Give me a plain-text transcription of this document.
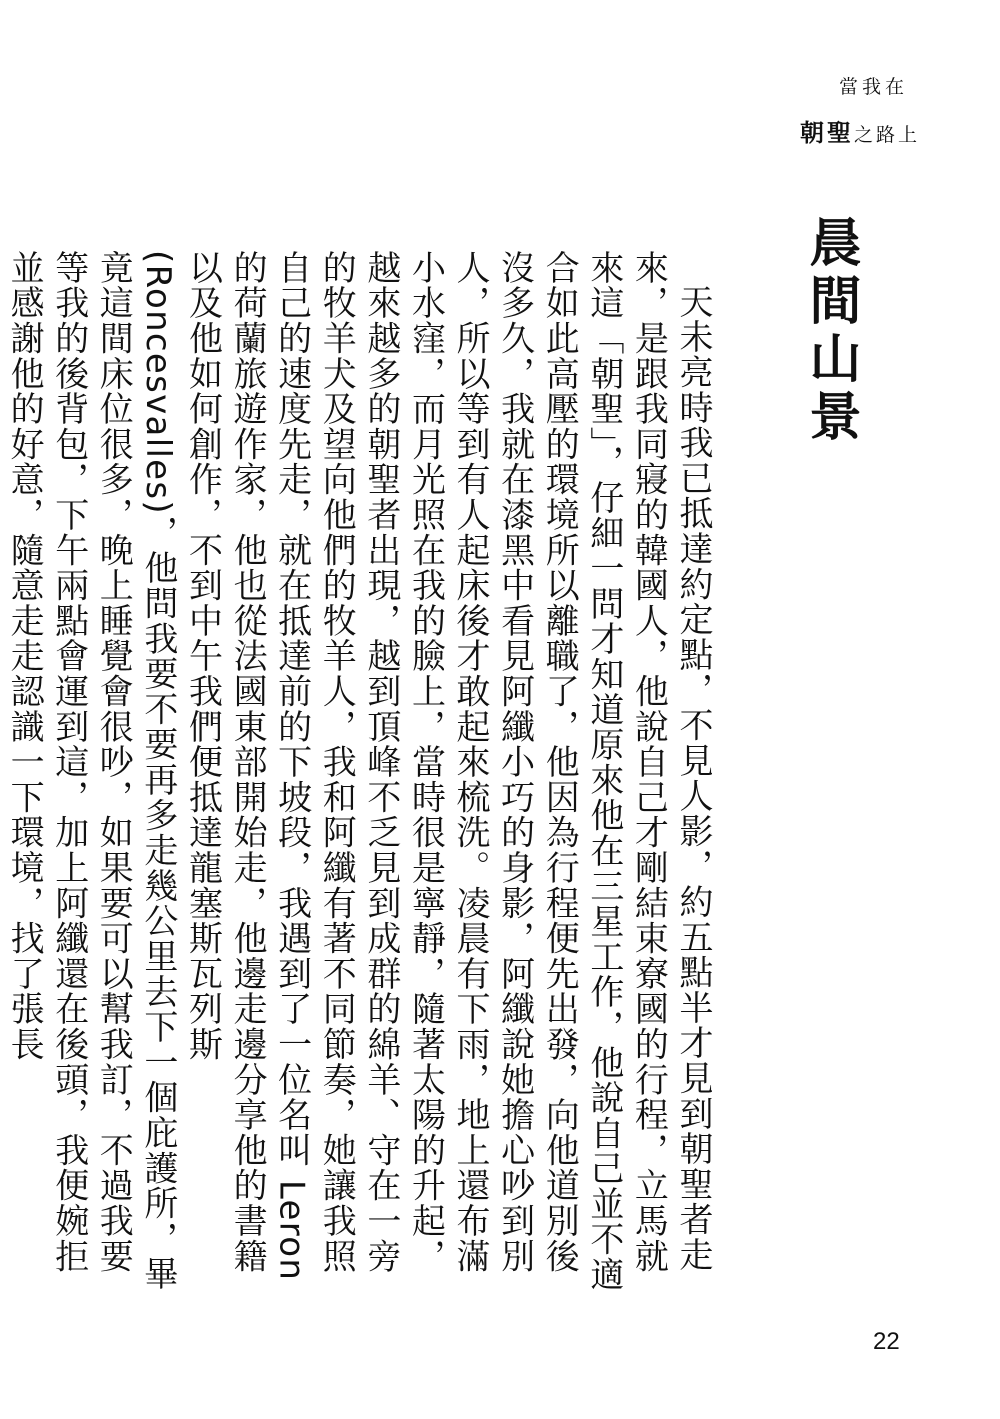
當我在
朝聖之路上
晨間山景

天未亮時我已抵達約定點，不見人影，約五點半才見到朝聖者走來，是跟我同寢的韓國人，他說自己才剛結束寮國的行程，立馬就來這「朝聖」，仔細一問才知道原來他在三星工作，他說自己並不適合如此高壓的環境所以離職了，他因為行程便先出發，向他道別後沒多久，我就在漆黑中看見阿纖小巧的身影，阿纖說她擔心吵到別人，所以等到有人起床後才敢起來梳洗。凌晨有下雨，地上還布滿小水窪，而月光照在我的臉上，當時很是寧靜，隨著太陽的升起，越來越多的朝聖者出現，越到頂峰不乏見到成群的綿羊、守在一旁的牧羊犬及望向他們的牧羊人，我和阿纖有著不同節奏，她讓我照自己的速度先走，就在抵達前的下坡段，我遇到了一位名叫 Leron 的荷蘭旅遊作家，他也從法國東部開始走，他邊走邊分享他的書籍以及他如何創作，不到中午我們便抵達龍塞斯瓦列斯 (Roncesvalles)，他問我要不要再多走幾公里去下一個庇護所，畢竟這間床位很多，晚上睡覺會很吵，如果要可以幫我訂，不過我要等我的後背包，下午兩點會運到這，加上阿纖還在後頭，我便婉拒並感謝他的好意，隨意走走認識一下環境，找了張長

22
